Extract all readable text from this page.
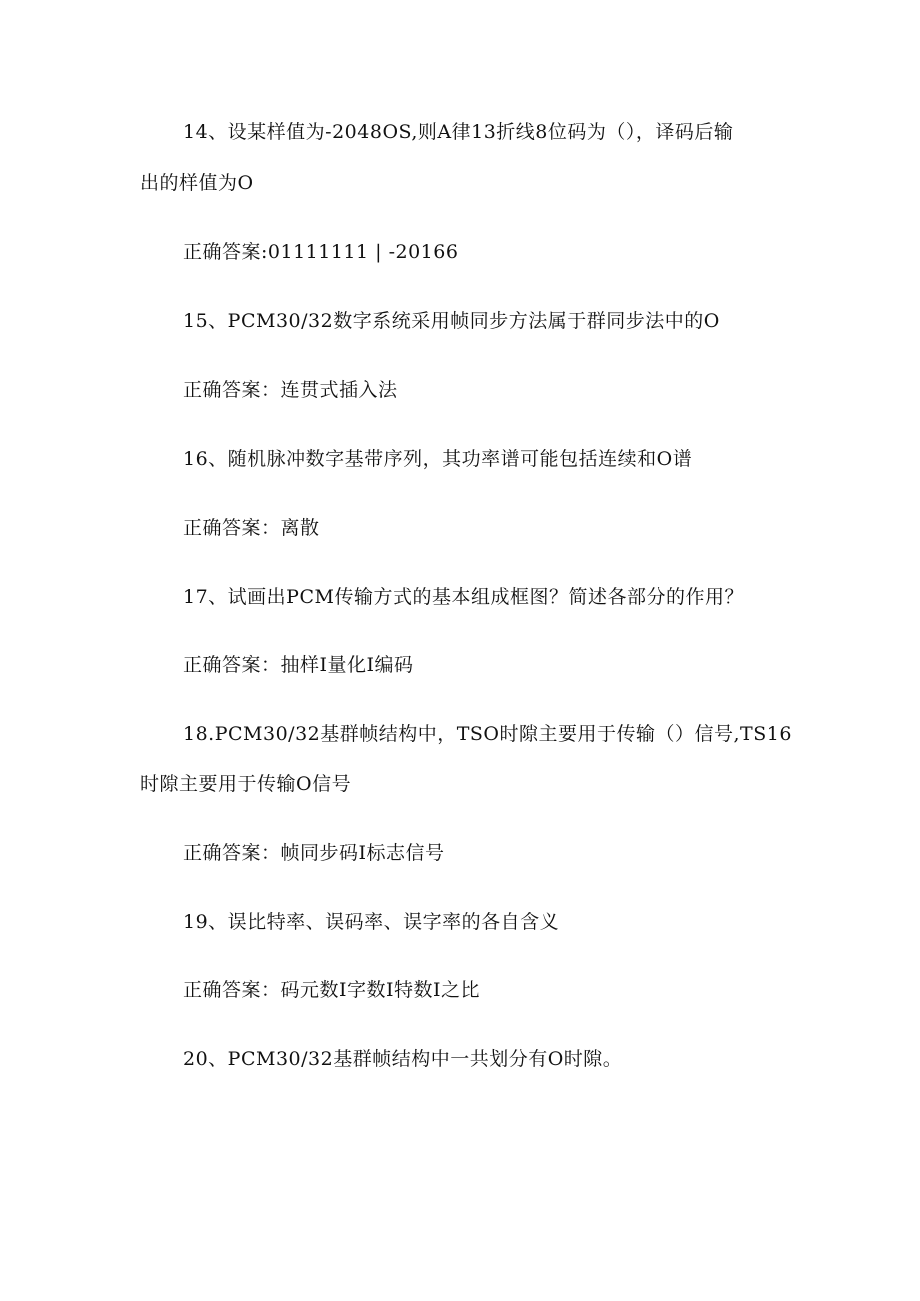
14、设某样值为-2048OS,则A律13折线8位码为（），译码后输
出的样值为O
正确答案:01111111 | -20166
15、PCM30/32数字系统采用帧同步方法属于群同步法中的O
正确答案：连贯式插入法
16、随机脉冲数字基带序列，其功率谱可能包括连续和O谱
正确答案：离散
17、试画出PCM传输方式的基本组成框图？简述各部分的作用？
正确答案：抽样I量化I编码
18.PCM30/32基群帧结构中，TSO时隙主要用于传输（）信号,TS16
时隙主要用于传输O信号
正确答案：帧同步码I标志信号
19、误比特率、误码率、误字率的各自含义
正确答案：码元数I字数I特数I之比
20、PCM30/32基群帧结构中一共划分有O时隙。
